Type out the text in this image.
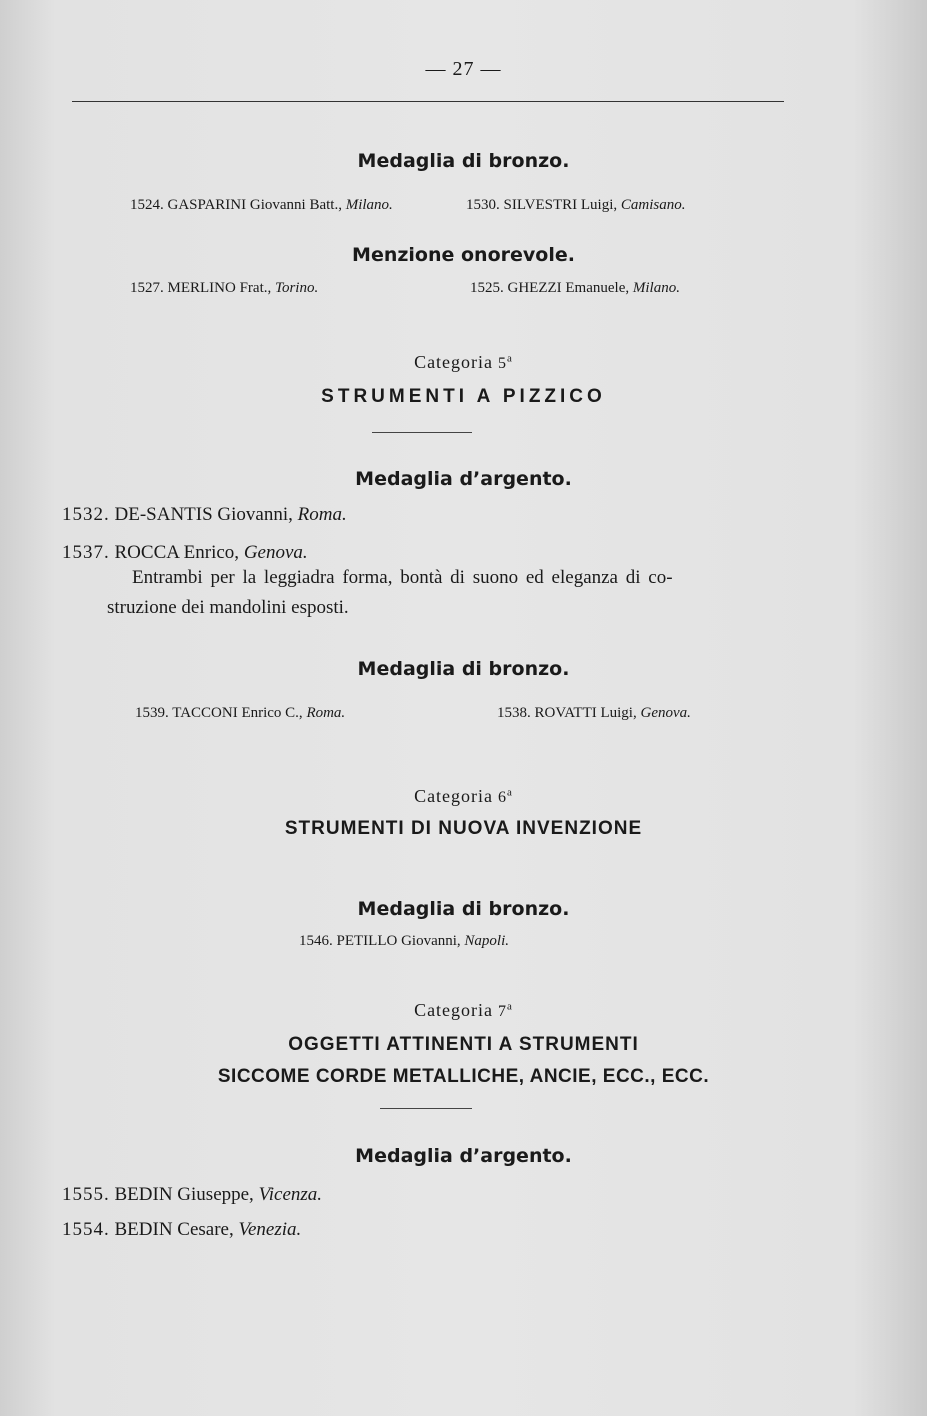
— 27 —
Medaglia di bronzo.
1524. GASPARINI Giovanni Batt., Milano.	1530. SILVESTRI Luigi, Camisano.
Menzione onorevole.
1527. MERLINO Frat., Torino.	1525. GHEZZI Emanuele, Milano.
Categoria 5$^a$
STRUMENTI A PIZZICO
Medaglia d’argento.
1532. DE-SANTIS Giovanni, Roma.
1537. ROCCA Enrico, Genova.
Entrambi per la leggiadra forma, bontà di suono ed eleganza di co-
struzione dei mandolini esposti.
Medaglia di bronzo.
1539. TACCONI Enrico C., Roma.	1538. ROVATTI Luigi, Genova.
Categoria 6$^a$
STRUMENTI DI NUOVA INVENZIONE
Medaglia di bronzo.
1546. PETILLO Giovanni, Napoli.
Categoria 7$^a$
OGGETTI ATTINENTI A STRUMENTI
SICCOME CORDE METALLICHE, ANCIE, ECC., ECC.
Medaglia d’argento.
1555. BEDIN Giuseppe, Vicenza.
1554. BEDIN Cesare, Venezia.
